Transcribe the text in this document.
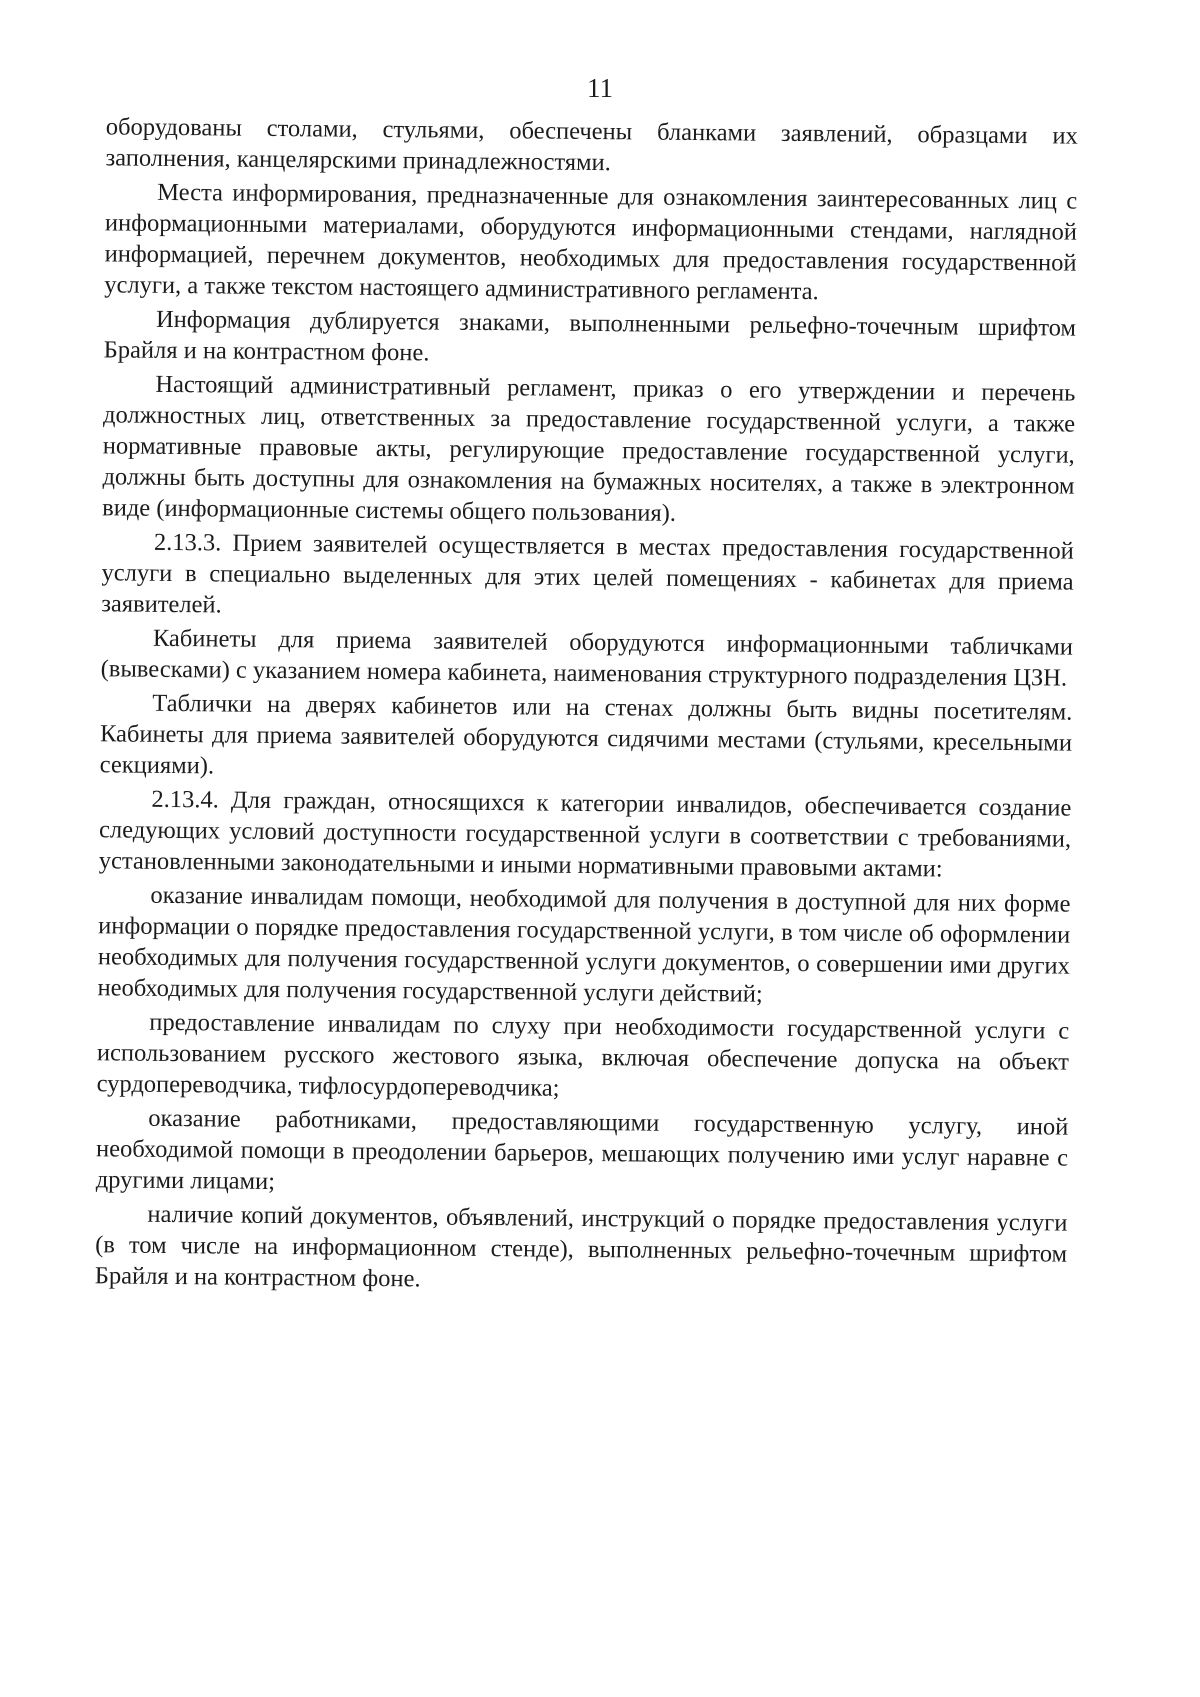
11

оборудованы столами, стульями, обеспечены бланками заявлений, образцами их заполнения, канцелярскими принадлежностями.

Места информирования, предназначенные для ознакомления заинтересованных лиц с информационными материалами, оборудуются информационными стендами, наглядной информацией, перечнем документов, необходимых для предоставления государственной услуги, а также текстом настоящего административного регламента.

Информация дублируется знаками, выполненными рельефно-точечным шрифтом Брайля и на контрастном фоне.

Настоящий административный регламент, приказ о его утверждении и перечень должностных лиц, ответственных за предоставление государственной услуги, а также нормативные правовые акты, регулирующие предоставление государственной услуги, должны быть доступны для ознакомления на бумажных носителях, а также в электронном виде (информационные системы общего пользования).

2.13.3. Прием заявителей осуществляется в местах предоставления государственной услуги в специально выделенных для этих целей помещениях - кабинетах для приема заявителей.

Кабинеты для приема заявителей оборудуются информационными табличками (вывесками) с указанием номера кабинета, наименования структурного подразделения ЦЗН.

Таблички на дверях кабинетов или на стенах должны быть видны посетителям. Кабинеты для приема заявителей оборудуются сидячими местами (стульями, кресельными секциями).

2.13.4. Для граждан, относящихся к категории инвалидов, обеспечивается создание следующих условий доступности государственной услуги в соответствии с требованиями, установленными законодательными и иными нормативными правовыми актами:

оказание инвалидам помощи, необходимой для получения в доступной для них форме информации о порядке предоставления государственной услуги, в том числе об оформлении необходимых для получения государственной услуги документов, о совершении ими других необходимых для получения государственной услуги действий;

предоставление инвалидам по слуху при необходимости государственной услуги с использованием русского жестового языка, включая обеспечение допуска на объект сурдопереводчика, тифлосурдопереводчика;

оказание работниками, предоставляющими государственную услугу, иной необходимой помощи в преодолении барьеров, мешающих получению ими услуг наравне с другими лицами;

наличие копий документов, объявлений, инструкций о порядке предоставления услуги (в том числе на информационном стенде), выполненных рельефно-точечным шрифтом Брайля и на контрастном фоне.
